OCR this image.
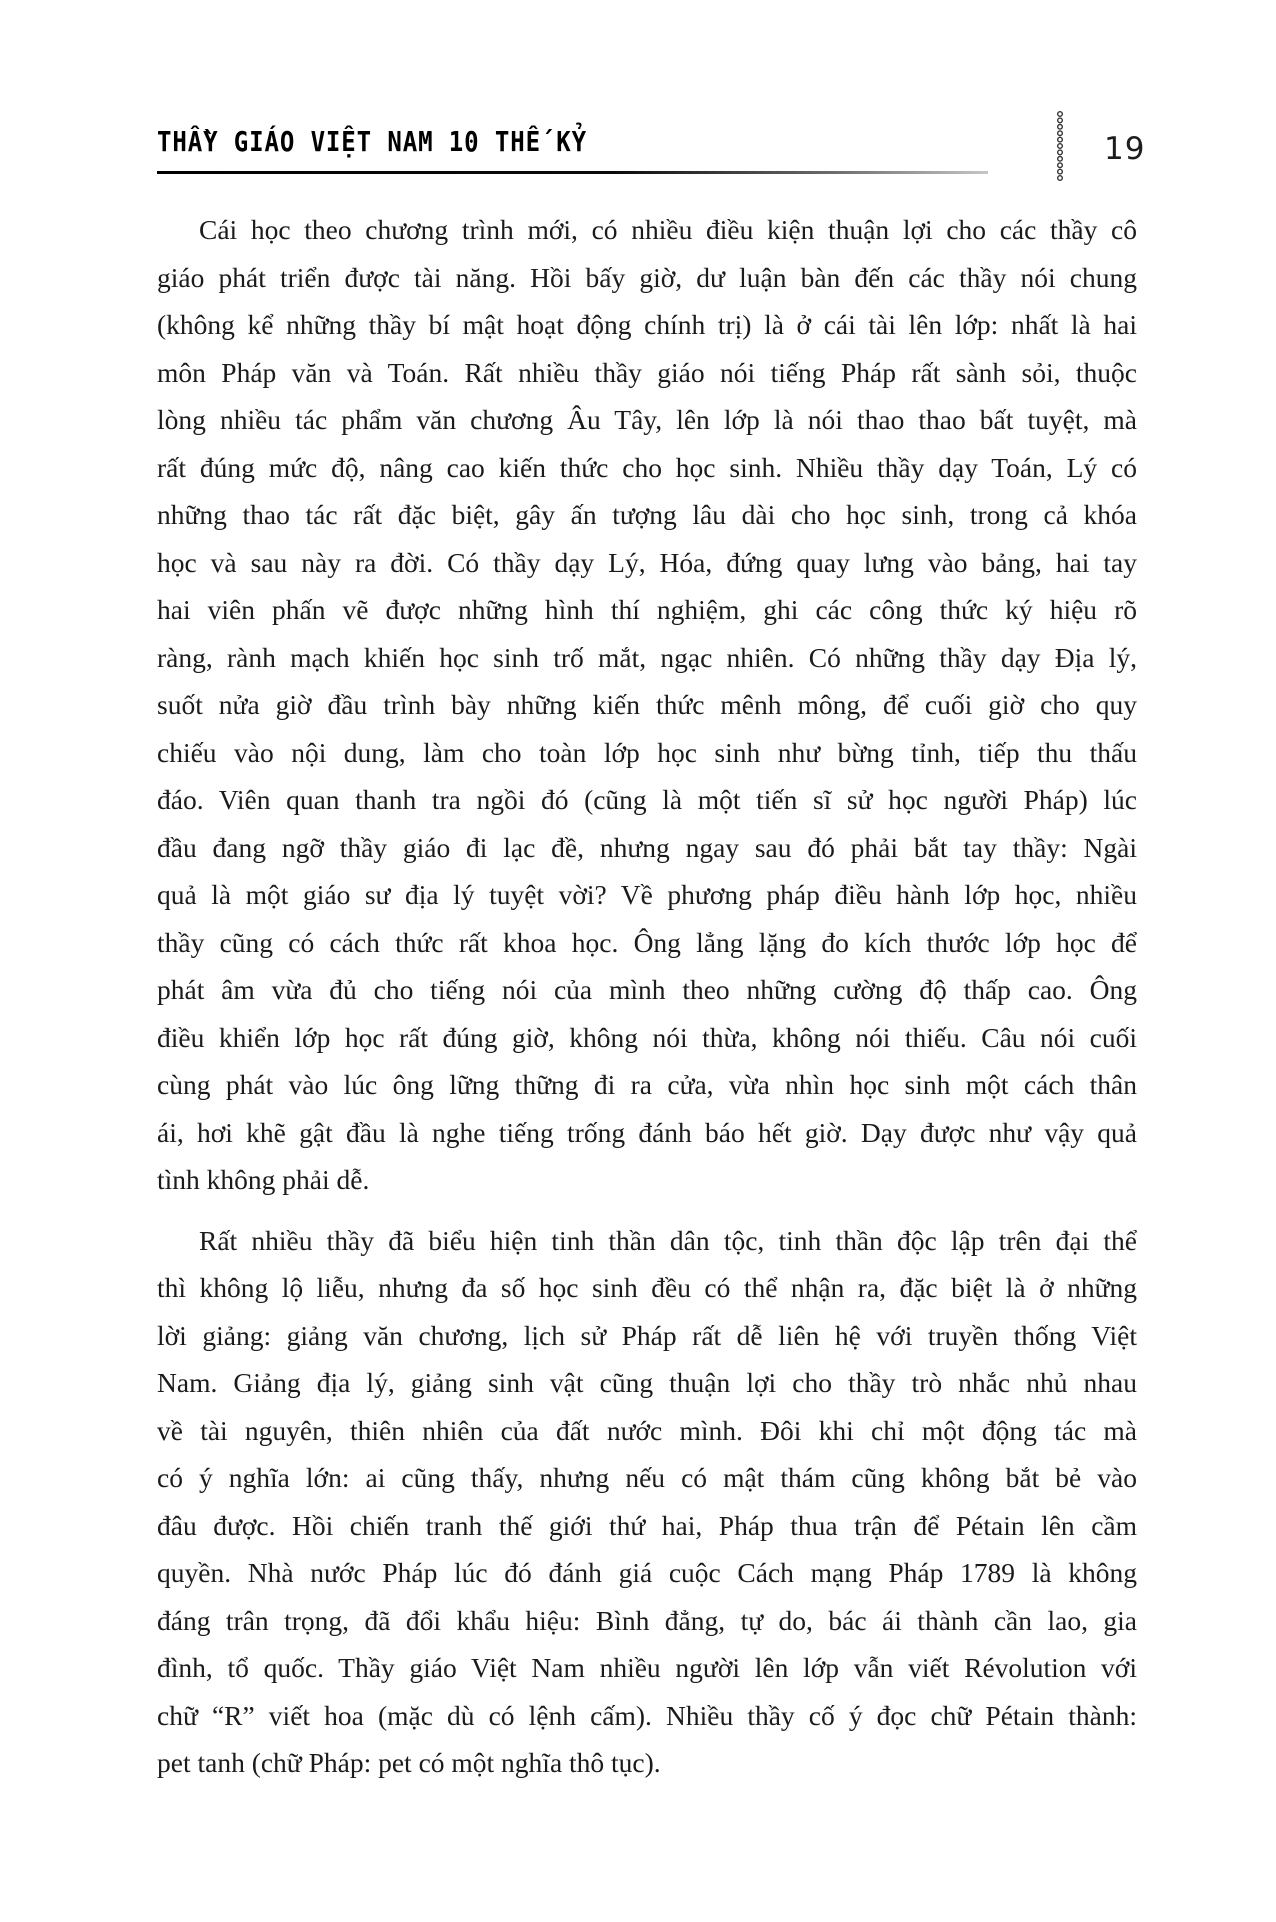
THẦY GIÁO VIỆT NAM 10 THẾ KỶ	19
Cái học theo chương trình mới, có nhiều điều kiện thuận lợi cho các thầy cô
giáo phát triển được tài năng. Hồi bấy giờ, dư luận bàn đến các thầy nói chung
(không kể những thầy bí mật hoạt động chính trị) là ở cái tài lên lớp: nhất là hai
môn Pháp văn và Toán. Rất nhiều thầy giáo nói tiếng Pháp rất sành sỏi, thuộc
lòng nhiều tác phẩm văn chương Âu Tây, lên lớp là nói thao thao bất tuyệt, mà
rất đúng mức độ, nâng cao kiến thức cho học sinh. Nhiều thầy dạy Toán, Lý có
những thao tác rất đặc biệt, gây ấn tượng lâu dài cho học sinh, trong cả khóa
học và sau này ra đời. Có thầy dạy Lý, Hóa, đứng quay lưng vào bảng, hai tay
hai viên phấn vẽ được những hình thí nghiệm, ghi các công thức ký hiệu rõ
ràng, rành mạch khiến học sinh trố mắt, ngạc nhiên. Có những thầy dạy Địa lý,
suốt nửa giờ đầu trình bày những kiến thức mênh mông, để cuối giờ cho quy
chiếu vào nội dung, làm cho toàn lớp học sinh như bừng tỉnh, tiếp thu thấu
đáo. Viên quan thanh tra ngồi đó (cũng là một tiến sĩ sử học người Pháp) lúc
đầu đang ngỡ thầy giáo đi lạc đề, nhưng ngay sau đó phải bắt tay thầy: Ngài
quả là một giáo sư địa lý tuyệt vời? Về phương pháp điều hành lớp học, nhiều
thầy cũng có cách thức rất khoa học. Ông lẳng lặng đo kích thước lớp học để
phát âm vừa đủ cho tiếng nói của mình theo những cường độ thấp cao. Ông
điều khiển lớp học rất đúng giờ, không nói thừa, không nói thiếu. Câu nói cuối
cùng phát vào lúc ông lững thững đi ra cửa, vừa nhìn học sinh một cách thân
ái, hơi khẽ gật đầu là nghe tiếng trống đánh báo hết giờ. Dạy được như vậy quả
tình không phải dễ.
Rất nhiều thầy đã biểu hiện tinh thần dân tộc, tinh thần độc lập trên đại thể
thì không lộ liễu, nhưng đa số học sinh đều có thể nhận ra, đặc biệt là ở những
lời giảng: giảng văn chương, lịch sử Pháp rất dễ liên hệ với truyền thống Việt
Nam. Giảng địa lý, giảng sinh vật cũng thuận lợi cho thầy trò nhắc nhủ nhau
về tài nguyên, thiên nhiên của đất nước mình. Đôi khi chỉ một động tác mà
có ý nghĩa lớn: ai cũng thấy, nhưng nếu có mật thám cũng không bắt bẻ vào
đâu được. Hồi chiến tranh thế giới thứ hai, Pháp thua trận để Pétain lên cầm
quyền. Nhà nước Pháp lúc đó đánh giá cuộc Cách mạng Pháp 1789 là không
đáng trân trọng, đã đổi khẩu hiệu: Bình đẳng, tự do, bác ái thành cần lao, gia
đình, tổ quốc. Thầy giáo Việt Nam nhiều người lên lớp vẫn viết Révolution với
chữ “R” viết hoa (mặc dù có lệnh cấm). Nhiều thầy cố ý đọc chữ Pétain thành:
pet tanh (chữ Pháp: pet có một nghĩa thô tục).
